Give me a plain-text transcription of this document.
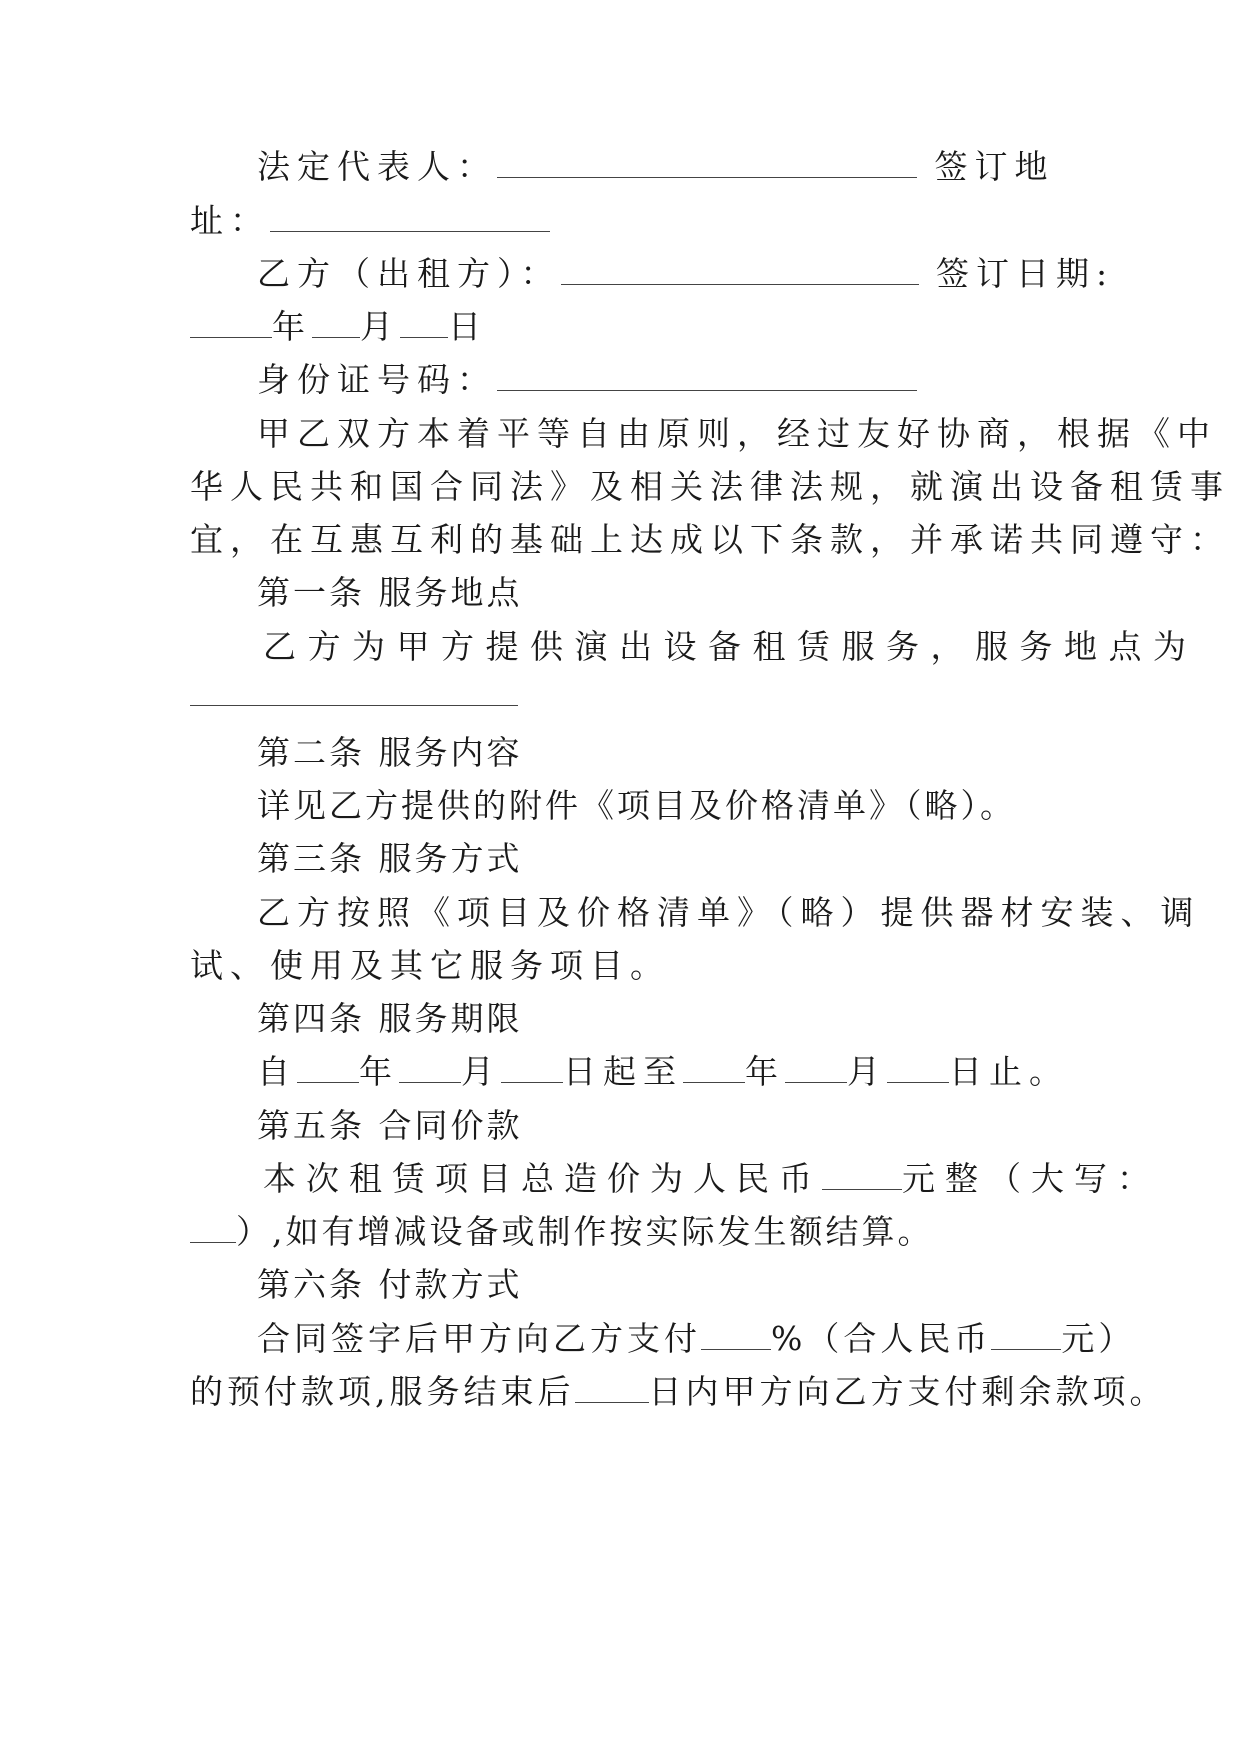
法定代表人：	签订地
址：
乙方（出租方）：	签订日期:
年 月 日
身份证号码：
甲乙双方本着平等自由原则，经过友好协商，根据《中
华人民共和国合同法》及相关法律法规，就演出设备租赁事
宜，在互惠互利的基础上达成以下条款，并承诺共同遵守：
第一条 服务地点
乙方为甲方提供演出设备租赁服务，服务地点为
第二条 服务内容
详见乙方提供的附件《项目及价格清单》（略）。
第三条 服务方式
乙方按照《项目及价格清单》（略）提供器材安装、调
试、使用及其它服务项目。
第四条 服务期限
自 年 月 日起至 年 月 日止。
第五条 合同价款
本次租赁项目总造价为人民币 元整（大写：
）,如有增减设备或制作按实际发生额结算。
第六条 付款方式
合同签字后甲方向乙方支付 %（合人民币 元）
的预付款项,服务结束后 日内甲方向乙方支付剩余款项。
